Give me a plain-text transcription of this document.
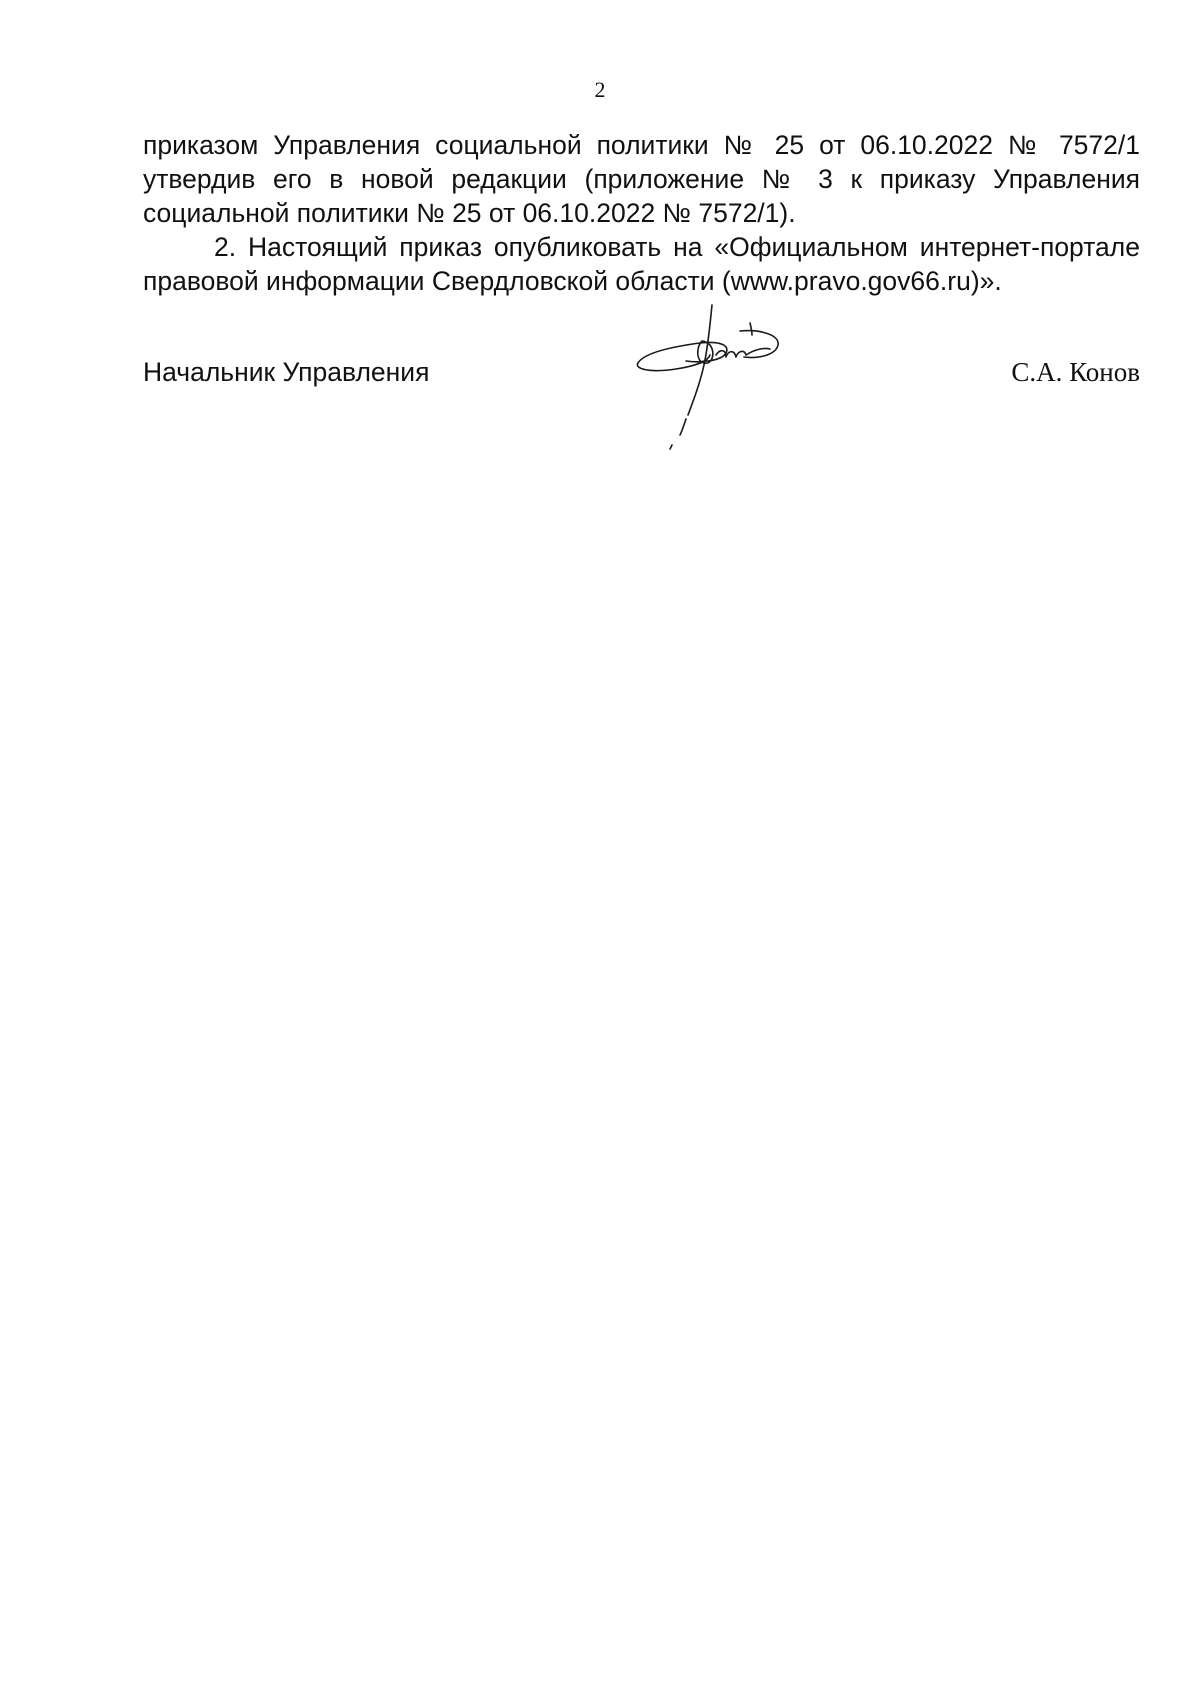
2

приказом Управления социальной политики № 25 от 06.10.2022 № 7572/1 утвердив его в новой редакции (приложение № 3 к приказу Управления социальной политики № 25 от 06.10.2022 № 7572/1).

2. Настоящий приказ опубликовать на «Официальном интернет-портале правовой информации Свердловской области (www.pravo.gov66.ru)».

Начальник Управления	С.А. Конов
